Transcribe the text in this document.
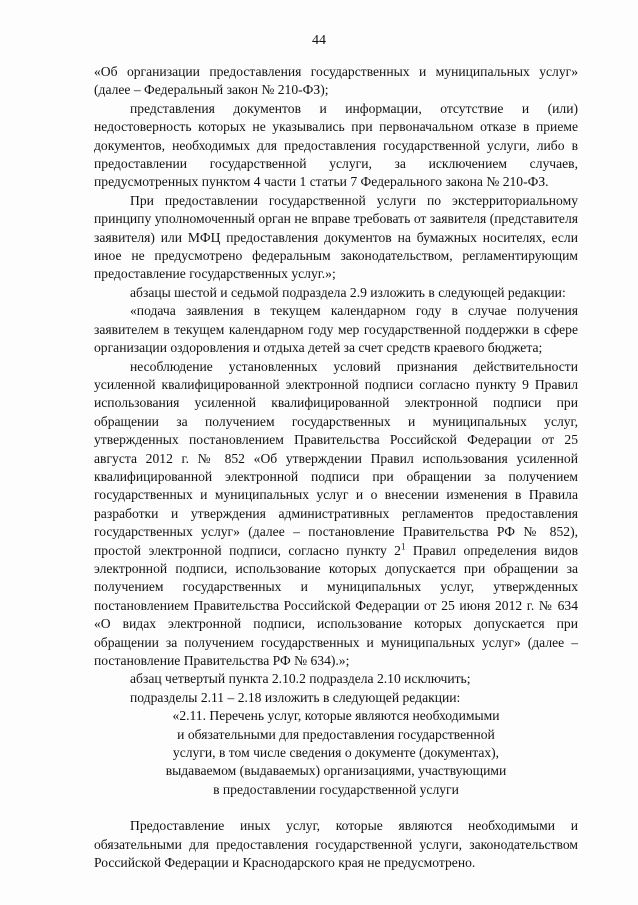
44

«Об организации предоставления государственных и муниципальных услуг» (далее – Федеральный закон № 210-ФЗ);

представления документов и информации, отсутствие и (или) недостоверность которых не указывались при первоначальном отказе в приеме документов, необходимых для предоставления государственной услуги, либо в предоставлении государственной услуги, за исключением случаев, предусмотренных пунктом 4 части 1 статьи 7 Федерального закона № 210-ФЗ.

При предоставлении государственной услуги по экстерриториальному принципу уполномоченный орган не вправе требовать от заявителя (представителя заявителя) или МФЦ предоставления документов на бумажных носителях, если иное не предусмотрено федеральным законодательством, регламентирующим предоставление государственных услуг.»;

абзацы шестой и седьмой подраздела 2.9 изложить в следующей редакции:

«подача заявления в текущем календарном году в случае получения заявителем в текущем календарном году мер государственной поддержки в сфере организации оздоровления и отдыха детей за счет средств краевого бюджета;

несоблюдение установленных условий признания действительности усиленной квалифицированной электронной подписи согласно пункту 9 Правил использования усиленной квалифицированной электронной подписи при обращении за получением государственных и муниципальных услуг, утвержденных постановлением Правительства Российской Федерации от 25 августа 2012 г. № 852 «Об утверждении Правил использования усиленной квалифицированной электронной подписи при обращении за получением государственных и муниципальных услуг и о внесении изменения в Правила разработки и утверждения административных регламентов предоставления государственных услуг» (далее – постановление Правительства РФ № 852), простой электронной подписи, согласно пункту $2^1$ Правил определения видов электронной подписи, использование которых допускается при обращении за получением государственных и муниципальных услуг, утвержденных постановлением Правительства Российской Федерации от 25 июня 2012 г. № 634 «О видах электронной подписи, использование которых допускается при обращении за получением государственных и муниципальных услуг» (далее – постановление Правительства РФ № 634).»;

абзац четвертый пункта 2.10.2 подраздела 2.10 исключить;

подразделы 2.11 – 2.18 изложить в следующей редакции:

«2.11. Перечень услуг, которые являются необходимыми

и обязательными для предоставления государственной

услуги, в том числе сведения о документе (документах),

выдаваемом (выдаваемых) организациями, участвующими

в предоставлении государственной услуги

Предоставление иных услуг, которые являются необходимыми и обязательными для предоставления государственной услуги, законодательством Российской Федерации и Краснодарского края не предусмотрено.
